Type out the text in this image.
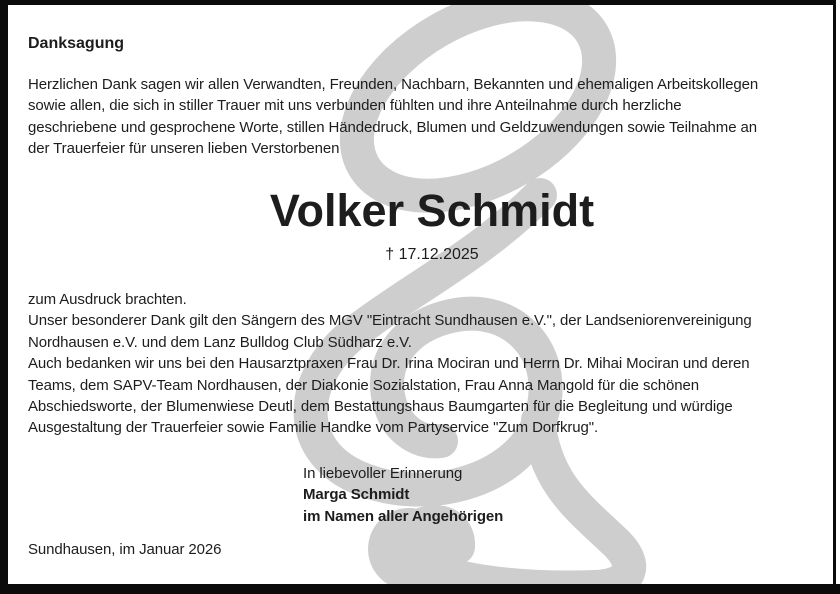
Danksagung
Herzlichen Dank sagen wir allen Verwandten, Freunden, Nachbarn, Bekannten und ehemaligen Arbeitskollegen
sowie allen, die sich in stiller Trauer mit uns verbunden fühlten und ihre Anteilnahme durch herzliche
geschriebene und gesprochene Worte, stillen Händedruck, Blumen und Geldzuwendungen sowie Teilnahme an
der Trauerfeier für unseren lieben Verstorbenen
Volker Schmidt
† 17.12.2025
zum Ausdruck brachten.
Unser besonderer Dank gilt den Sängern des MGV "Eintracht Sundhausen e.V.", der Landseniorenvereinigung
Nordhausen e.V. und dem Lanz Bulldog Club Südharz e.V.
Auch bedanken wir uns bei den Hausarztpraxen Frau Dr. Irina Mociran und Herrn Dr. Mihai Mociran und deren
Teams, dem SAPV-Team Nordhausen, der Diakonie Sozialstation, Frau Anna Mangold für die schönen
Abschiedsworte, der Blumenwiese Deutl, dem Bestattungshaus Baumgarten für die Begleitung und würdige
Ausgestaltung der Trauerfeier sowie Familie Handke vom Partyservice "Zum Dorfkrug".
In liebevoller Erinnerung
Marga Schmidt
im Namen aller Angehörigen
Sundhausen, im Januar 2026
